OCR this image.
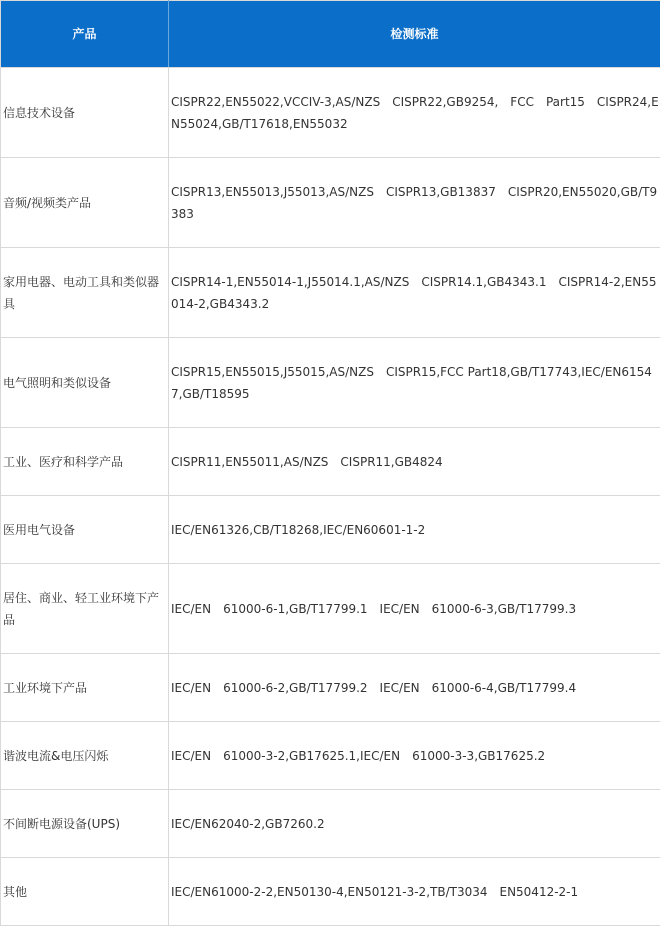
产品	检测标准
信息技术设备	CISPR22,EN55022,VCCIV-3,AS/NZS　CISPR22,GB9254,　FCC　Part15　CISPR24,EN55024,GB/T17618,EN55032
音频/视频类产品	CISPR13,EN55013,J55013,AS/NZS　CISPR13,GB13837　CISPR20,EN55020,GB/T9383
家用电器、电动工具和类似器具	CISPR14-1,EN55014-1,J55014.1,AS/NZS　CISPR14.1,GB4343.1　CISPR14-2,EN55014-2,GB4343.2
电气照明和类似设备	CISPR15,EN55015,J55015,AS/NZS　CISPR15,FCC Part18,GB/T17743,IEC/EN61547,GB/T18595
工业、医疗和科学产品	CISPR11,EN55011,AS/NZS　CISPR11,GB4824
医用电气设备	IEC/EN61326,CB/T18268,IEC/EN60601-1-2
居住、商业、轻工业环境下产品	IEC/EN　61000-6-1,GB/T17799.1　IEC/EN　61000-6-3,GB/T17799.3
工业环境下产品	IEC/EN　61000-6-2,GB/T17799.2　IEC/EN　61000-6-4,GB/T17799.4
谐波电流&电压闪烁	IEC/EN　61000-3-2,GB17625.1,IEC/EN　61000-3-3,GB17625.2
不间断电源设备(UPS)	IEC/EN62040-2,GB7260.2
其他	IEC/EN61000-2-2,EN50130-4,EN50121-3-2,TB/T3034　EN50412-2-1
